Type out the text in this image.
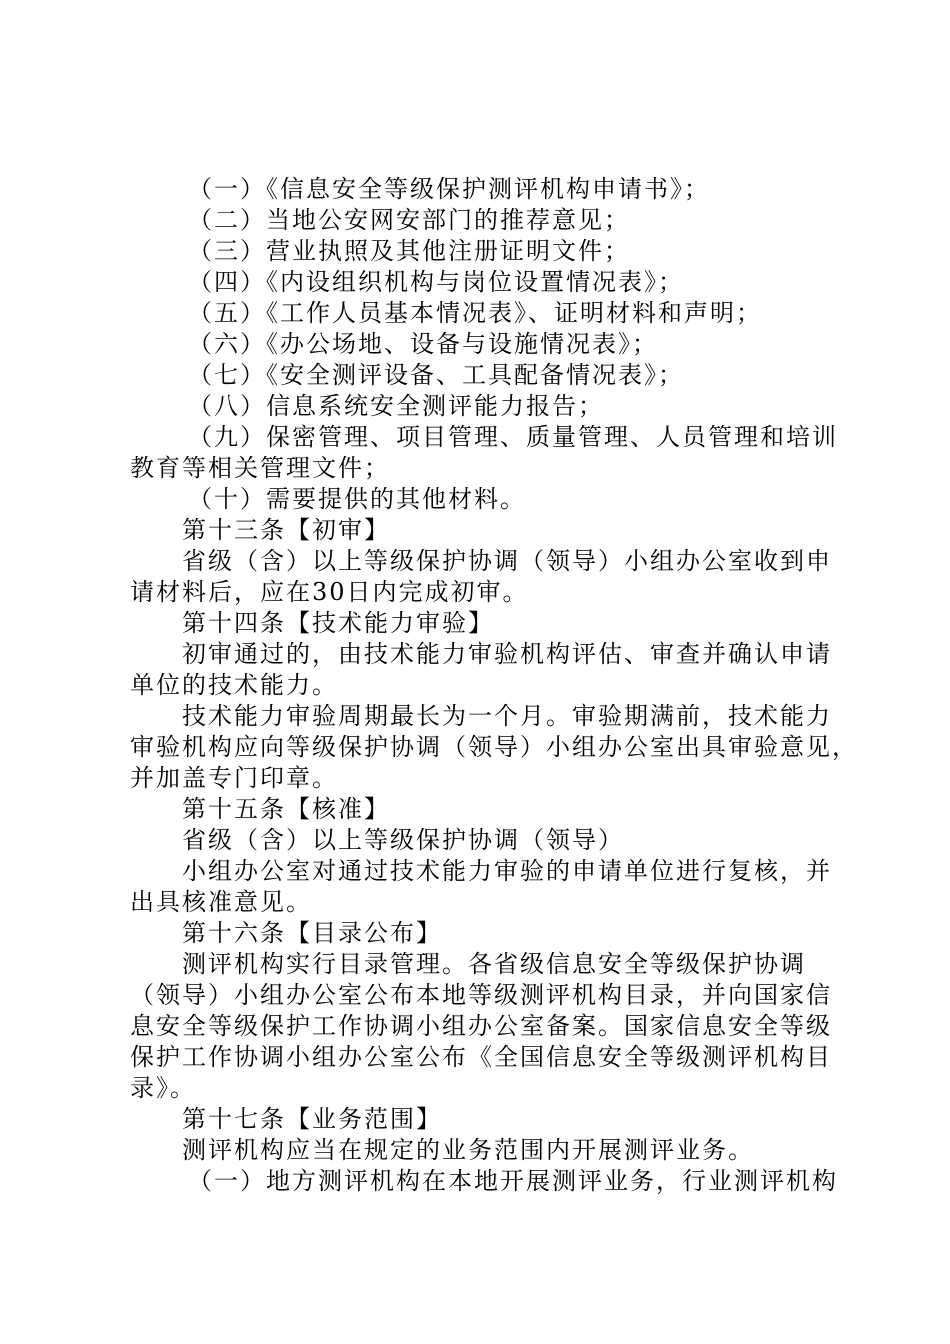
（一）《信息安全等级保护测评机构申请书》；

（二）当地公安网安部门的推荐意见；

（三）营业执照及其他注册证明文件；

（四）《内设组织机构与岗位设置情况表》；

（五）《工作人员基本情况表》、证明材料和声明；

（六）《办公场地、设备与设施情况表》；

（七）《安全测评设备、工具配备情况表》；

（八）信息系统安全测评能力报告；

（九）保密管理、项目管理、质量管理、人员管理和培训

教育等相关管理文件；

（十）需要提供的其他材料。

第十三条【初审】

省级（含）以上等级保护协调（领导）小组办公室收到申

请材料后，应在30日内完成初审。

第十四条【技术能力审验】

初审通过的，由技术能力审验机构评估、审查并确认申请

单位的技术能力。

技术能力审验周期最长为一个月。审验期满前，技术能力

审验机构应向等级保护协调（领导）小组办公室出具审验意见，

并加盖专门印章。

第十五条【核准】

省级（含）以上等级保护协调（领导）

小组办公室对通过技术能力审验的申请单位进行复核，并

出具核准意见。

第十六条【目录公布】

测评机构实行目录管理。各省级信息安全等级保护协调

（领导）小组办公室公布本地等级测评机构目录，并向国家信

息安全等级保护工作协调小组办公室备案。国家信息安全等级

保护工作协调小组办公室公布《全国信息安全等级测评机构目

录》。

第十七条【业务范围】

测评机构应当在规定的业务范围内开展测评业务。

（一）地方测评机构在本地开展测评业务，行业测评机构
